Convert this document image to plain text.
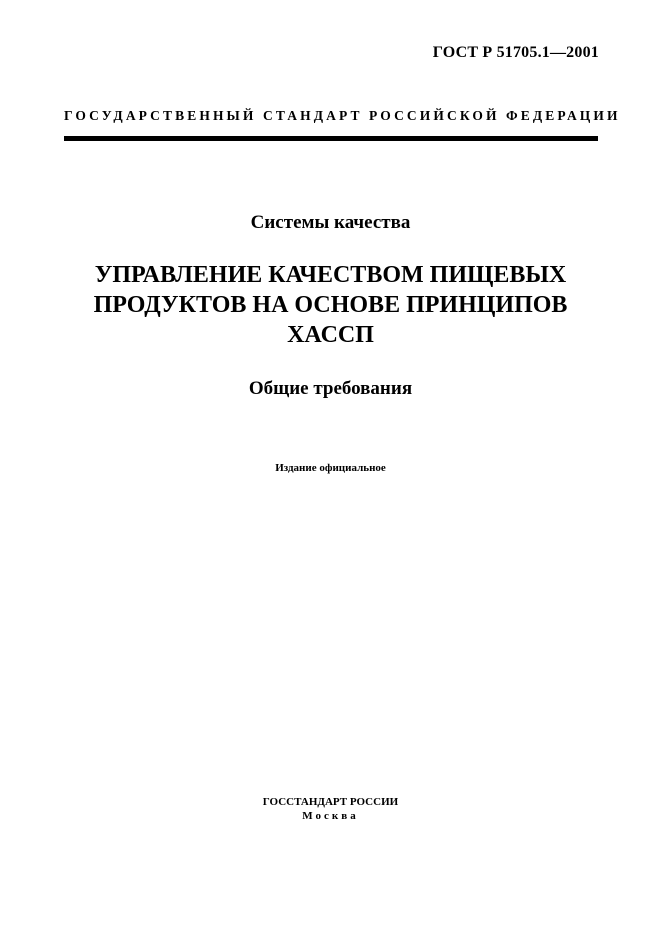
ГОСТ Р 51705.1—2001
ГОСУДАРСТВЕННЫЙ СТАНДАРТ РОССИЙСКОЙ ФЕДЕРАЦИИ
Системы качества
УПРАВЛЕНИЕ КАЧЕСТВОМ ПИЩЕВЫХ
ПРОДУКТОВ НА ОСНОВЕ ПРИНЦИПОВ
ХАССП
Общие требования
Издание официальное
ГОССТАНДАРТ РОССИИ
Москва
